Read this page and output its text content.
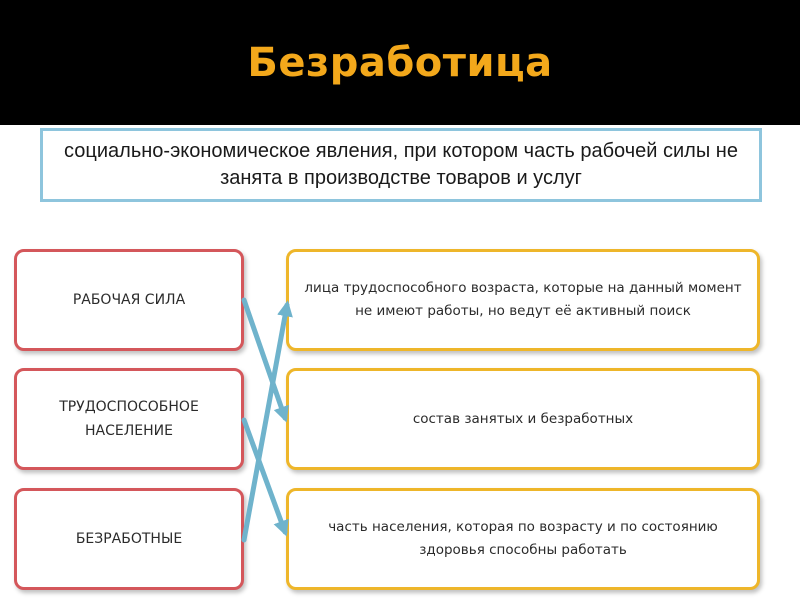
Безработица
социально-экономическое явления, при котором часть рабочей силы не занята в производстве товаров и услуг
РАБОЧАЯ СИЛА
ТРУДОСПОСОБНОЕ НАСЕЛЕНИЕ
БЕЗРАБОТНЫЕ
лица трудоспособного возраста, которые на данный момент не имеют работы, но ведут её активный поиск
состав занятых и безработных
часть населения, которая по возрасту и по состоянию здоровья способны работать
